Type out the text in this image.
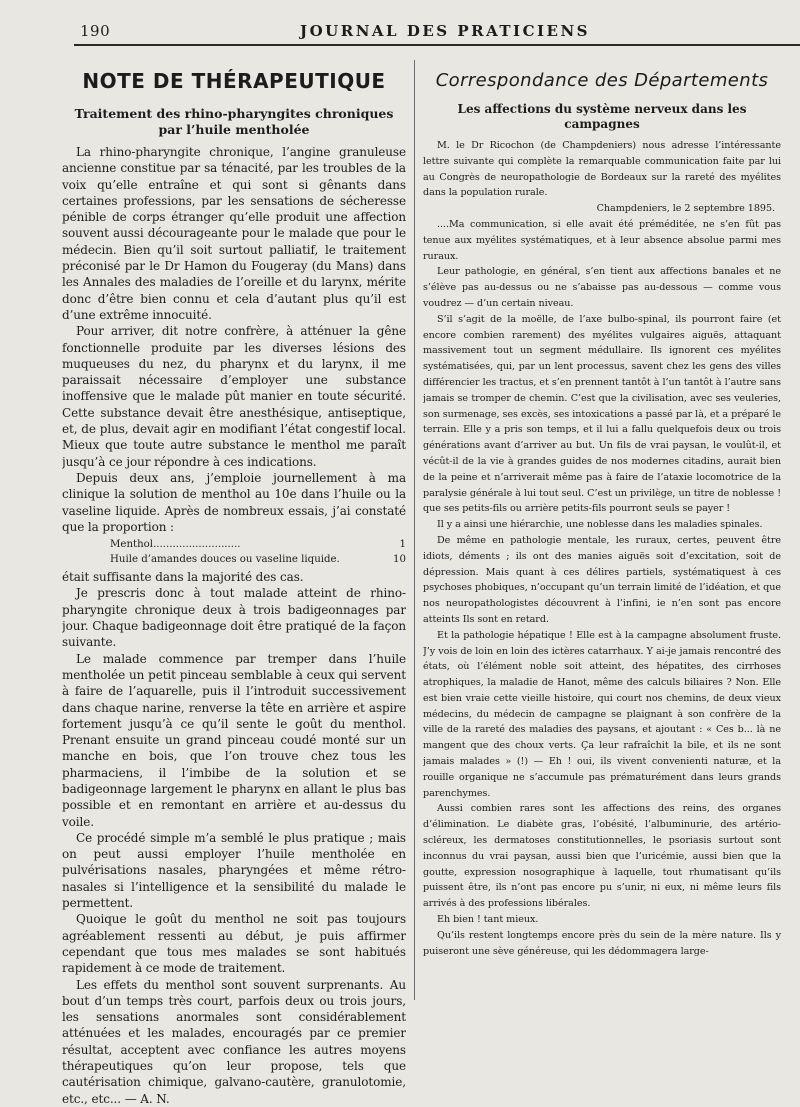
190	JOURNAL DES PRATICIENS
NOTE DE THÉRAPEUTIQUE
Traitement des rhino-pharyngites chroniques par l’huile mentholée

La rhino-pharyngite chronique, l’angine granuleuse ancienne constitue par sa ténacité, par les troubles de la voix qu’elle entraîne et qui sont si gênants dans certaines professions, par les sensations de sécheresse pénible de corps étranger qu’elle produit une affection souvent aussi décourageante pour le malade que pour le médecin. Bien qu’il soit surtout palliatif, le traitement préconisé par le Dr Hamon du Fougeray (du Mans) dans les Annales des maladies de l’oreille et du larynx, mérite donc d’être bien connu et cela d’autant plus qu’il est d’une extrême innocuité.

Pour arriver, dit notre confrère, à atténuer la gêne fonctionnelle produite par les diverses lésions des muqueuses du nez, du pharynx et du larynx, il me paraissait nécessaire d’employer une substance inoffensive que le malade pût manier en toute sécurité. Cette substance devait être anesthésique, antiseptique, et, de plus, devait agir en modifiant l’état congestif local. Mieux que toute autre substance le menthol me paraît jusqu’à ce jour répondre à ces indications.

Depuis deux ans, j’emploie journellement à ma clinique la solution de menthol au 10e dans l’huile ou la vaseline liquide. Après de nombreux essais, j’ai constaté que la proportion :

Menthol...........................	1
Huile d’amandes douces ou vaseline liquide.	10

était suffisante dans la majorité des cas.

Je prescris donc à tout malade atteint de rhino-pharyngite chronique deux à trois badigeonnages par jour. Chaque badigeonnage doit être pratiqué de la façon suivante.

Le malade commence par tremper dans l’huile mentholée un petit pinceau semblable à ceux qui servent à faire de l’aquarelle, puis il l’introduit successivement dans chaque narine, renverse la tête en arrière et aspire fortement jusqu’à ce qu’il sente le goût du menthol. Prenant ensuite un grand pinceau coudé monté sur un manche en bois, que l’on trouve chez tous les pharmaciens, il l’imbibe de la solution et se badigeonnage largement le pharynx en allant le plus bas possible et en remontant en arrière et au-dessus du voile.

Ce procédé simple m’a semblé le plus pratique ; mais on peut aussi employer l’huile mentholée en pulvérisations nasales, pharyngées et même rétro-nasales si l’intelligence et la sensibilité du malade le permettent.

Quoique le goût du menthol ne soit pas toujours agréablement ressenti au début, je puis affirmer cependant que tous mes malades se sont habitués rapidement à ce mode de traitement.

Les effets du menthol sont souvent surprenants. Au bout d’un temps très court, parfois deux ou trois jours, les sensations anormales sont considérablement atténuées et les malades, encouragés par ce premier résultat, acceptent avec confiance les autres moyens thérapeutiques qu’on leur propose, tels que cautérisation chimique, galvano-cautère, granulotomie, etc., etc... — A. N.

Correspondance des Départements
Les affections du système nerveux dans les campagnes

M. le Dr Ricochon (de Champdeniers) nous adresse l’intéressante lettre suivante qui complète la remarquable communication faite par lui au Congrès de neuropathologie de Bordeaux sur la rareté des myélites dans la population rurale.

Champdeniers, le 2 septembre 1895.

....Ma communication, si elle avait été préméditée, ne s’en fût pas tenue aux myélites systématiques, et à leur absence absolue parmi mes ruraux.

Leur pathologie, en général, s’en tient aux affections banales et ne s’élève pas au-dessus ou ne s’abaisse pas au-dessous — comme vous voudrez — d’un certain niveau.

S’il s’agit de la moëlle, de l’axe bulbo-spinal, ils pourront faire (et encore combien rarement) des myélites vulgaires aiguës, attaquant massivement tout un segment médullaire. Ils ignorent ces myélites systématisées, qui, par un lent processus, savent chez les gens des villes différencier les tractus, et s’en prennent tantôt à l’un tantôt à l’autre sans jamais se tromper de chemin. C’est que la civilisation, avec ses veuleries, son surmenage, ses excès, ses intoxications a passé par là, et a préparé le terrain. Elle y a pris son temps, et il lui a fallu quelquefois deux ou trois générations avant d’arriver au but. Un fils de vrai paysan, le voulût-il, et vécût-il de la vie à grandes guides de nos modernes citadins, aurait bien de la peine et n’arriverait même pas à faire de l’ataxie locomotrice de la paralysie générale à lui tout seul. C’est un privilège, un titre de noblesse ! que ses petits-fils ou arrière petits-fils pourront seuls se payer !

Il y a ainsi une hiérarchie, une noblesse dans les maladies spinales.

De même en pathologie mentale, les ruraux, certes, peuvent être idiots, déments ; ils ont des manies aiguës soit d’excitation, soit de dépression. Mais quant à ces délires partiels, systématiquest à ces psychoses phobiques, n’occupant qu’un terrain limité de l’idéation, et que nos neuropathologistes découvrent à l’infini, ie n’en sont pas encore atteints Ils sont en retard.

Et la pathologie hépatique ! Elle est à la campagne absolument fruste. J’y vois de loin en loin des ictères catarrhaux. Y ai-je jamais rencontré des états, où l’élément noble soit atteint, des hépatites, des cirrhoses atrophiques, la maladie de Hanot, même des calculs biliaires ? Non. Elle est bien vraie cette vieille histoire, qui court nos chemins, de deux vieux médecins, du médecin de campagne se plaignant à son confrère de la ville de la rareté des maladies des paysans, et ajoutant : « Ces b... là ne mangent que des choux verts. Ça leur rafraîchit la bile, et ils ne sont jamais malades » (!) — Eh ! oui, ils vivent convenienti naturæ, et la rouille organique ne s’accumule pas prématurément dans leurs grands parenchymes.

Aussi combien rares sont les affections des reins, des organes d’élimination. Le diabète gras, l’obésité, l’albuminurie, des artério-scléreux, les dermatoses constitutionnelles, le psoriasis surtout sont inconnus du vrai paysan, aussi bien que l’uricémie, aussi bien que la goutte, expression nosographique à laquelle, tout rhumatisant qu’ils puissent être, ils n’ont pas encore pu s’unir, ni eux, ni même leurs fils arrivés à des professions libérales.

Eh bien ! tant mieux.

Qu’ils restent longtemps encore près du sein de la mère nature. Ils y puiseront une sève généreuse, qui les dédommagera large-
